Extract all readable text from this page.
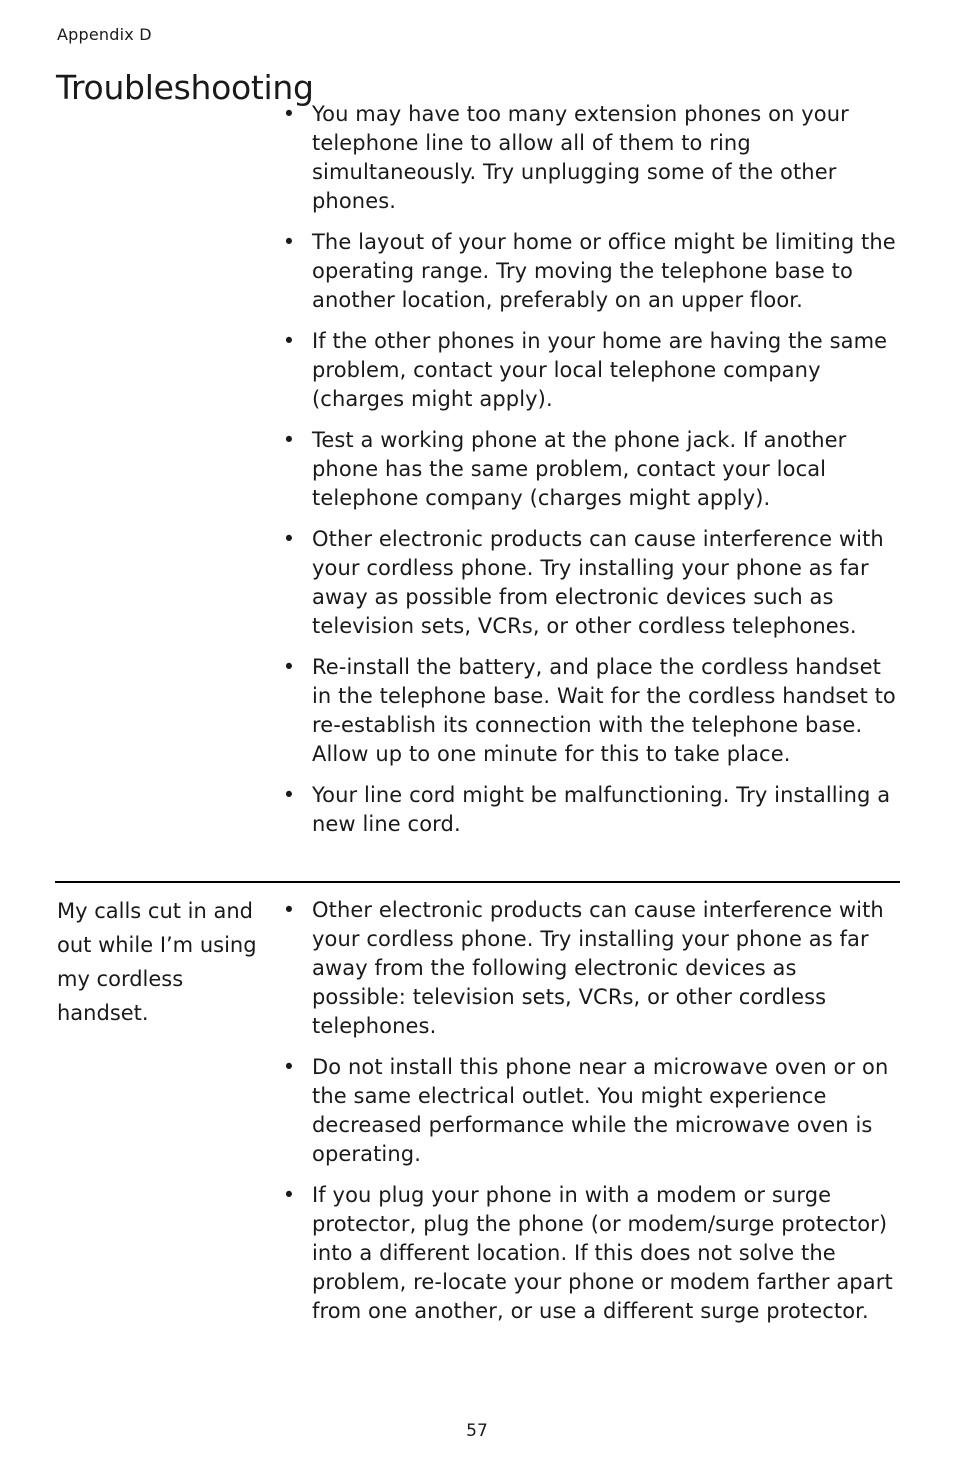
Appendix D
Troubleshooting
• You may have too many extension phones on your telephone line to allow all of them to ring simultaneously. Try unplugging some of the other phones.
• The layout of your home or office might be limiting the operating range. Try moving the telephone base to another location, preferably on an upper floor.
• If the other phones in your home are having the same problem, contact your local telephone company (charges might apply).
• Test a working phone at the phone jack. If another phone has the same problem, contact your local telephone company (charges might apply).
• Other electronic products can cause interference with your cordless phone. Try installing your phone as far away as possible from electronic devices such as television sets, VCRs, or other cordless telephones.
• Re-install the battery, and place the cordless handset in the telephone base. Wait for the cordless handset to re-establish its connection with the telephone base. Allow up to one minute for this to take place.
• Your line cord might be malfunctioning. Try installing a new line cord.
My calls cut in and out while I’m using my cordless handset.
• Other electronic products can cause interference with your cordless phone. Try installing your phone as far away from the following electronic devices as possible: television sets, VCRs, or other cordless telephones.
• Do not install this phone near a microwave oven or on the same electrical outlet. You might experience decreased performance while the microwave oven is operating.
• If you plug your phone in with a modem or surge protector, plug the phone (or modem/surge protector) into a different location. If this does not solve the problem, re-locate your phone or modem farther apart from one another, or use a different surge protector.
57
